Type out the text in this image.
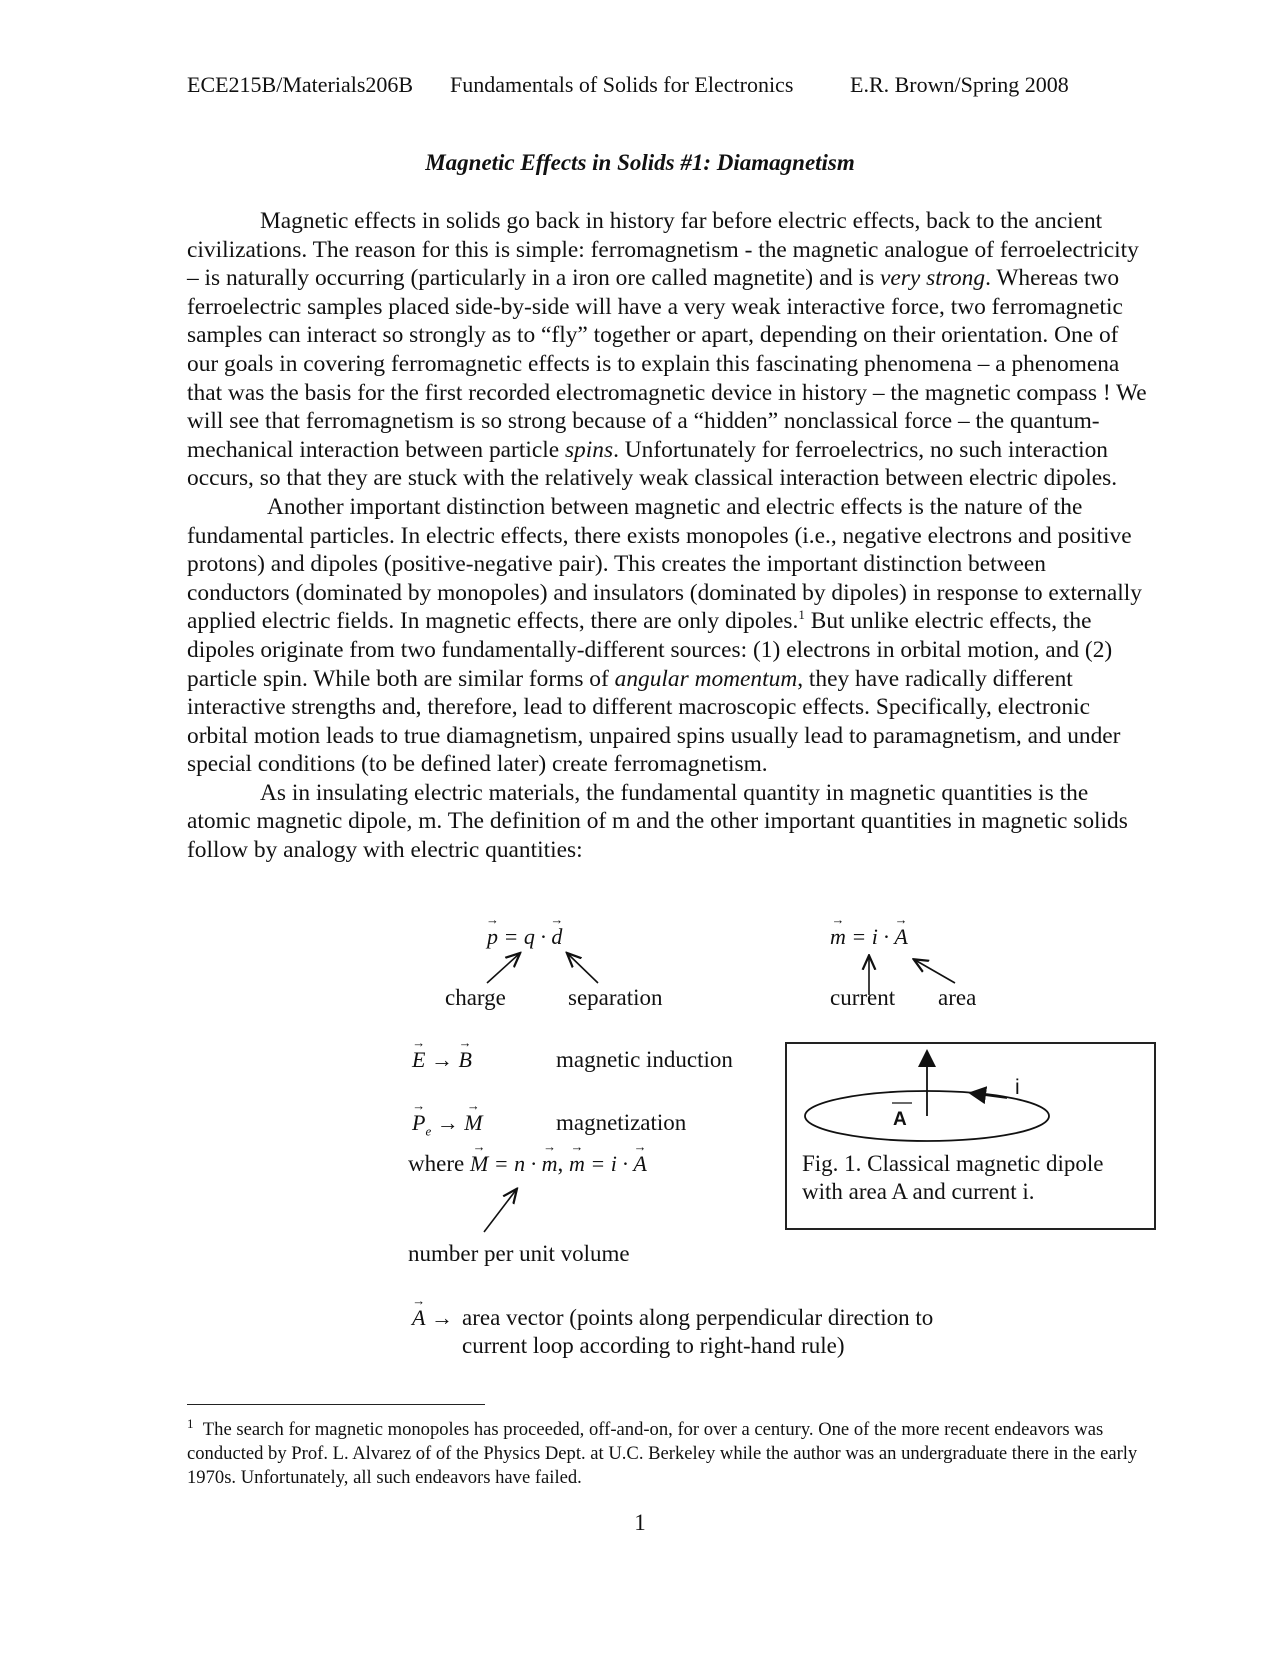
ECE215B/Materials206B Fundamentals of Solids for Electronics	E.R. Brown/Spring 2008
Magnetic Effects in Solids #1: Diamagnetism

Magnetic effects in solids go back in history far before electric effects, back to the ancient civilizations. The reason for this is simple: ferromagnetism - the magnetic analogue of ferroelectricity – is naturally occurring (particularly in a iron ore called magnetite) and is very strong. Whereas two ferroelectric samples placed side-by-side will have a very weak interactive force, two ferromagnetic samples can interact so strongly as to “fly” together or apart, depending on their orientation. One of our goals in covering ferromagnetic effects is to explain this fascinating phenomena – a phenomena that was the basis for the first recorded electromagnetic device in history – the magnetic compass ! We will see that ferromagnetism is so strong because of a “hidden” nonclassical force – the quantum-mechanical interaction between particle spins. Unfortunately for ferroelectrics, no such interaction occurs, so that they are stuck with the relatively weak classical interaction between electric dipoles.

Another important distinction between magnetic and electric effects is the nature of the fundamental particles. In electric effects, there exists monopoles (i.e., negative electrons and positive protons) and dipoles (positive-negative pair). This creates the important distinction between conductors (dominated by monopoles) and insulators (dominated by dipoles) in response to externally applied electric fields. In magnetic effects, there are only dipoles.$^1$ But unlike electric effects, the dipoles originate from two fundamentally-different sources: (1) electrons in orbital motion, and (2) particle spin. While both are similar forms of angular momentum, they have radically different interactive strengths and, therefore, lead to different macroscopic effects. Specifically, electronic orbital motion leads to true diamagnetism, unpaired spins usually lead to paramagnetism, and under special conditions (to be defined later) create ferromagnetism.

As in insulating electric materials, the fundamental quantity in magnetic quantities is the atomic magnetic dipole, m. The definition of m and the other important quantities in magnetic solids follow by analogy with electric quantities:

→ p = q · → d
→	m = i · → A
charge	separation	current area
→ E → → B	magnetic induction
→ $P_e$ → → M	magnetization
where → M = n · → m, → m = i · → A
number per unit volume
→ A → area vector (points along perpendicular direction to
current loop according to right-hand rule)
A
i
Fig. 1. Classical magnetic dipole
with area A and current i.
$^1$ The search for magnetic monopoles has proceeded, off-and-on, for over a century. One of the more recent endeavors was conducted by Prof. L. Alvarez of of the Physics Dept. at U.C. Berkeley while the author was an undergraduate there in the early 1970s. Unfortunately, all such endeavors have failed.
1
